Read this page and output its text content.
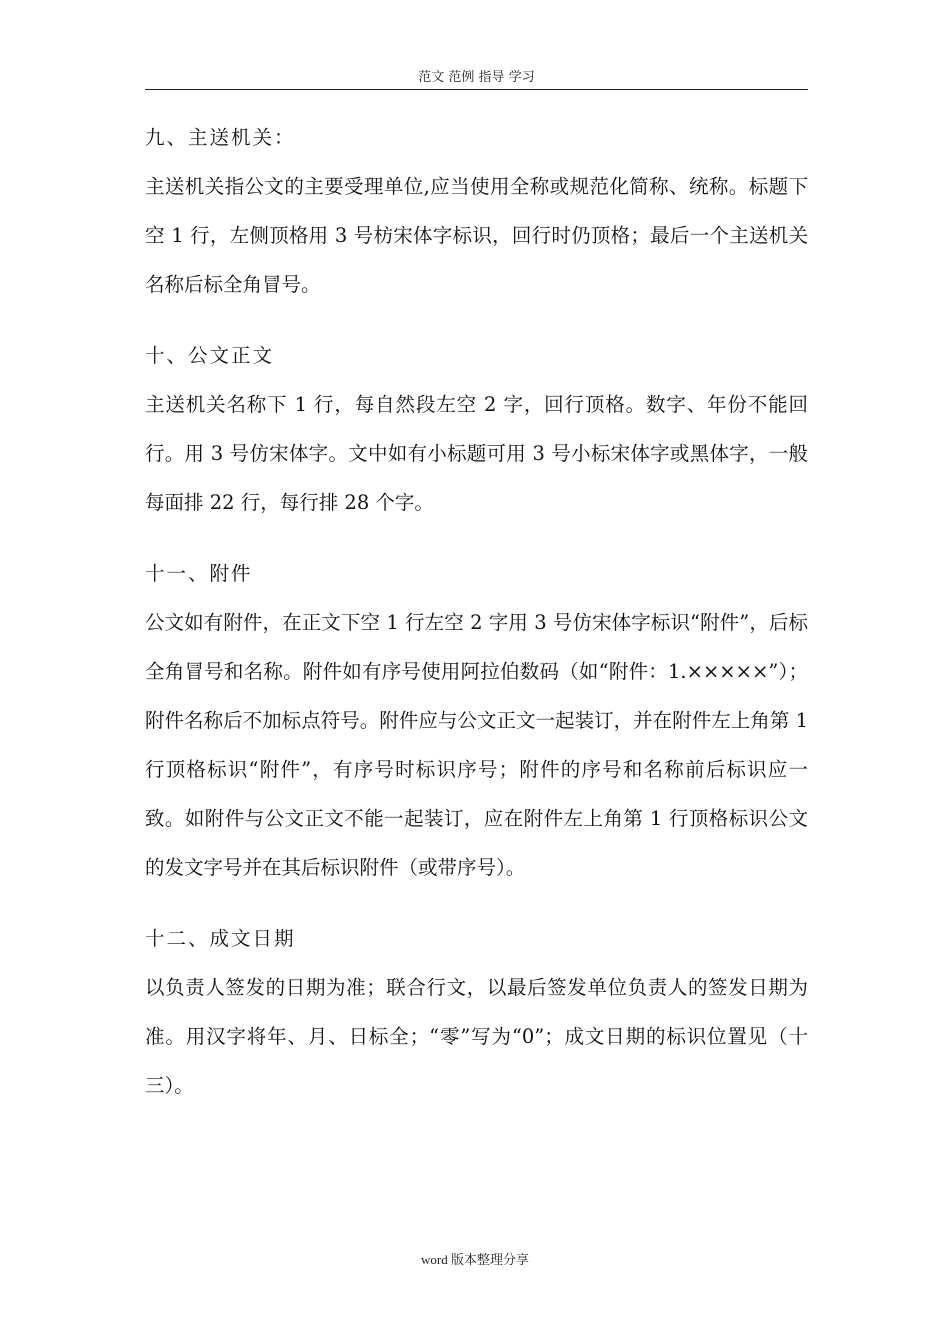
范文 范例 指导 学习

九、主送机关：

主送机关指公文的主要受理单位,应当使用全称或规范化简称、统称。标题下空 1 行，左侧顶格用 3 号枋宋体字标识，回行时仍顶格；最后一个主送机关名称后标全角冒号。

十、公文正文

主送机关名称下 1 行，每自然段左空 2 字，回行顶格。数字、年份不能回行。用 3 号仿宋体字。文中如有小标题可用 3 号小标宋体字或黑体字，一般每面排 22 行，每行排 28 个字。

十一、附件

公文如有附件，在正文下空 1 行左空 2 字用 3 号仿宋体字标识“附件”，后标全角冒号和名称。附件如有序号使用阿拉伯数码（如“附件：1.×××××”）；附件名称后不加标点符号。附件应与公文正文一起装订，并在附件左上角第 1 行顶格标识“附件”，有序号时标识序号；附件的序号和名称前后标识应一致。如附件与公文正文不能一起装订，应在附件左上角第 1 行顶格标识公文的发文字号并在其后标识附件（或带序号）。

十二、成文日期

以负责人签发的日期为准；联合行文，以最后签发单位负责人的签发日期为准。用汉字将年、月、日标全；“零”写为“0”；成文日期的标识位置见（十三）。

word 版本整理分享
